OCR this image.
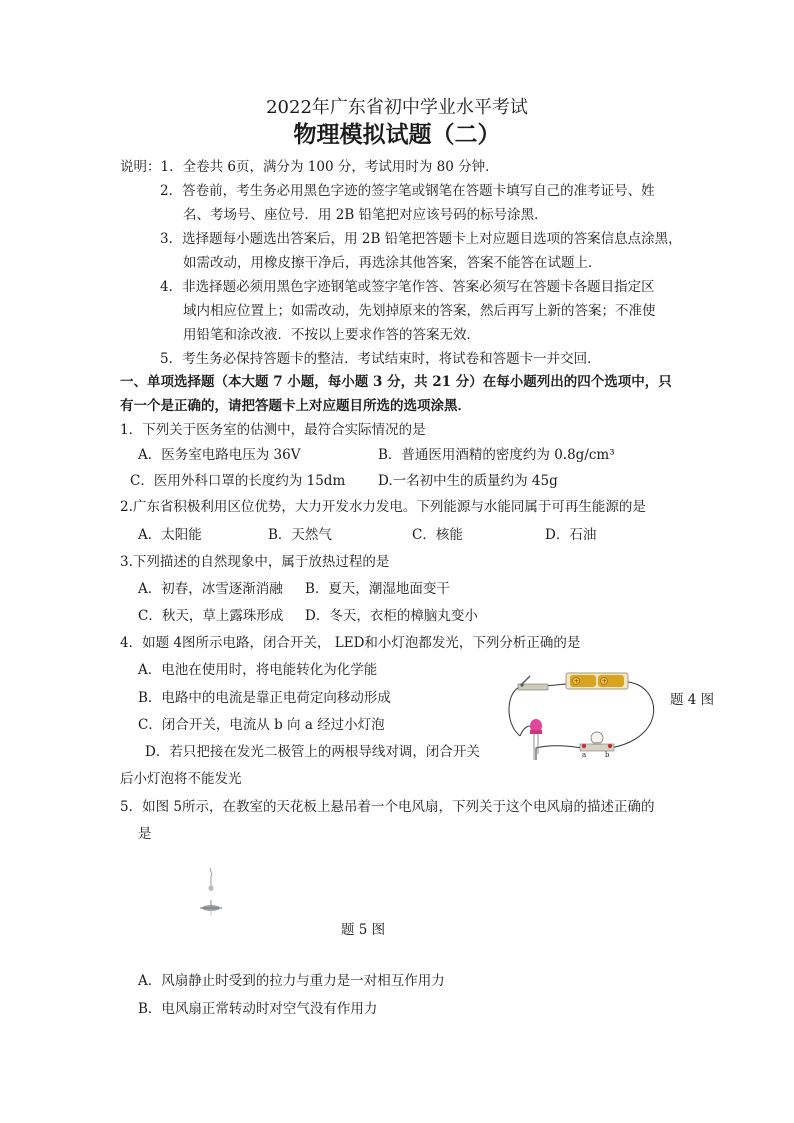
2022年广东省初中学业水平考试
物理模拟试题（二）
说明：1．全卷共 6页，满分为 100 分，考试用时为 80 分钟．
2．答卷前，考生务必用黑色字迹的签字笔或钢笔在答题卡填写自己的准考证号、姓
名、考场号、座位号．用 2B 铅笔把对应该号码的标号涂黑．
3．选择题每小题选出答案后，用 2B 铅笔把答题卡上对应题目选项的答案信息点涂黑，
如需改动，用橡皮擦干净后，再选涂其他答案，答案不能答在试题上．
4．非选择题必须用黑色字迹钢笔或签字笔作答、答案必须写在答题卡各题目指定区
域内相应位置上；如需改动，先划掉原来的答案，然后再写上新的答案；不准使
用铅笔和涂改液．不按以上要求作答的答案无效．
5．考生务必保持答题卡的整洁．考试结束时，将试卷和答题卡一并交回．
一、单项选择题（本大题 7 小题，每小题 3 分，共 21 分）在每小题列出的四个选项中，只
有一个是正确的，请把答题卡上对应题目所选的选项涂黑．
1．下列关于医务室的估测中，最符合实际情况的是
A．医务室电路电压为 36V	B．普通医用酒精的密度约为 0.8g/cm³
C．医用外科口罩的长度约为 15dm D.一名初中生的质量约为 45g
2.广东省积极利用区位优势，大力开发水力发电。下列能源与水能同属于可再生能源的是
A．太阳能	B．天然气	C．核能	D．石油
3.下列描述的自然现象中，属于放热过程的是
A．初春，冰雪逐渐消融 B．夏天，潮湿地面变干
C．秋天，草上露珠形成 D．冬天，衣柜的樟脑丸变小
4．如题 4图所示电路，闭合开关， LED和小灯泡都发光，下列分析正确的是
A．电池在使用时，将电能转化为化学能
B．电路中的电流是靠正电荷定向移动形成
C．闭合开关，电流从 b 向 a 经过小灯泡
D．若只把接在发光二极管上的两根导线对调，闭合开关
后小灯泡将不能发光
+	+
a	b
题 4 图
5．如图 5所示，在教室的天花板上悬吊着一个电风扇，下列关于这个电风扇的描述正确的
是
题 5 图
A．风扇静止时受到的拉力与重力是一对相互作用力
B．电风扇正常转动时对空气没有作用力
